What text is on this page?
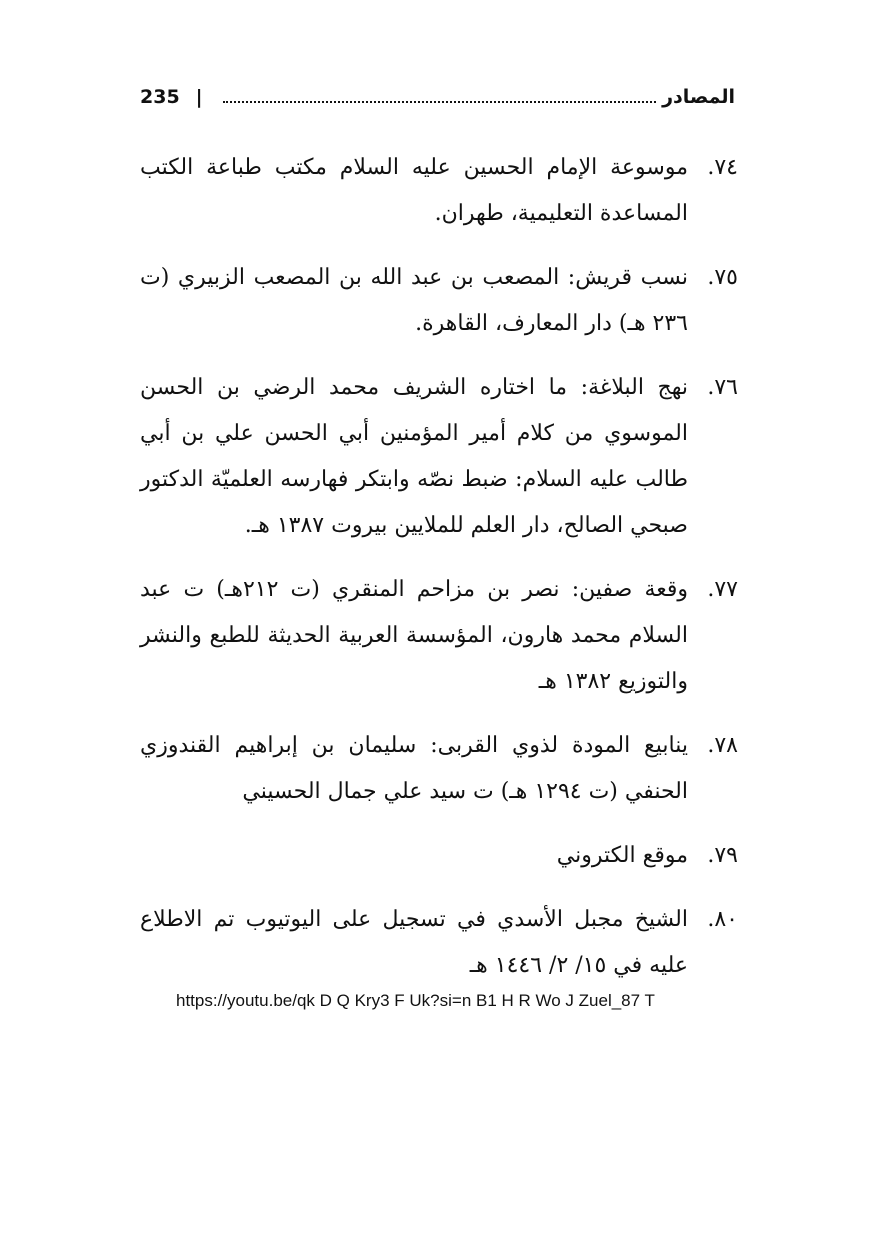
235 |	المصادر
٧٤.
موسوعة الإمام الحسين عليه السلام مكتب طباعة الكتب المساعدة التعليمية، طهران.
٧٥.
نسب قريش: المصعب بن عبد الله بن المصعب الزبيري (ت ٢٣٦ هـ) دار المعارف، القاهرة.
٧٦.
نهج البلاغة: ما اختاره الشريف محمد الرضي بن الحسن الموسوي من كلام أمير المؤمنين أبي الحسن علي بن أبي طالب عليه السلام: ضبط نصّه وابتكر فهارسه العلميّة الدكتور صبحي الصالح، دار العلم للملايين بيروت ١٣٨٧ هـ.
٧٧.
وقعة صفين: نصر بن مزاحم المنقري (ت ٢١٢هـ) ت عبد السلام محمد هارون، المؤسسة العربية الحديثة للطبع والنشر والتوزيع ١٣٨٢ هـ
٧٨.
ينابيع المودة لذوي القربى: سليمان بن إبراهيم القندوزي الحنفي (ت ١٢٩٤ هـ) ت سيد علي جمال الحسيني
٧٩.
موقع الكتروني
٨٠.
الشيخ مجبل الأسدي في تسجيل على اليوتيوب تم الاطلاع عليه في ١٥/ ٢/ ١٤٤٦ هـ
https://youtu.be/qk D Q Kry3 F Uk?si=n B1 H R Wo J Zuel_87 T
